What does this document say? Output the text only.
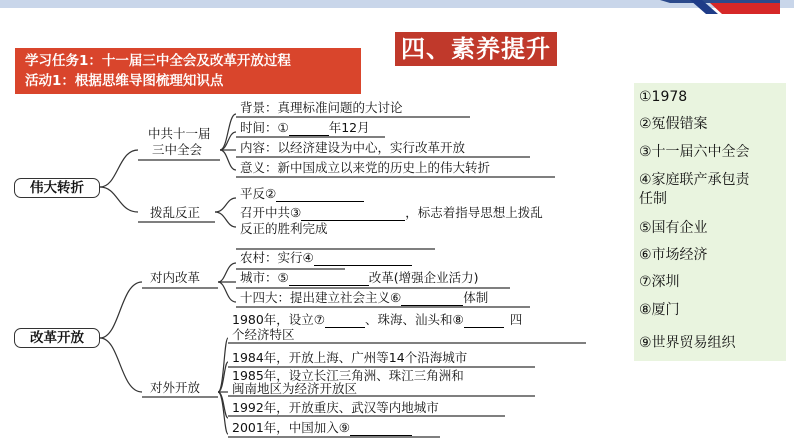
四、素养提升
学习任务1：十一届三中全会及改革开放过程
活动1：根据思维导图梳理知识点
伟大转折
改革开放
中共十一届
三中全会
拨乱反正
对内改革
对外开放
背景：真理标准问题的大讨论
时间：①	年12月
内容：以经济建设为中心，实行改革开放
意义：新中国成立以来党的历史上的伟大转折
平反②
召开中共③	，标志着指导思想上拨乱
反正的胜利完成
农村：实行④
城市：⑤	改革(增强企业活力)
十四大：提出建立社会主义⑥	体制
1980年，设立⑦	、珠海、汕头和⑧	四
个经济特区
1984年，开放上海、广州等14个沿海城市
1985年，设立长江三角洲、珠江三角洲和
闽南地区为经济开放区
1992年，开放重庆、武汉等内地城市
2001年，中国加入⑨
①1978
②冤假错案
③十一届六中全会
④家庭联产承包责
任制
⑤国有企业
⑥市场经济
⑦深圳
⑧厦门
⑨世界贸易组织
